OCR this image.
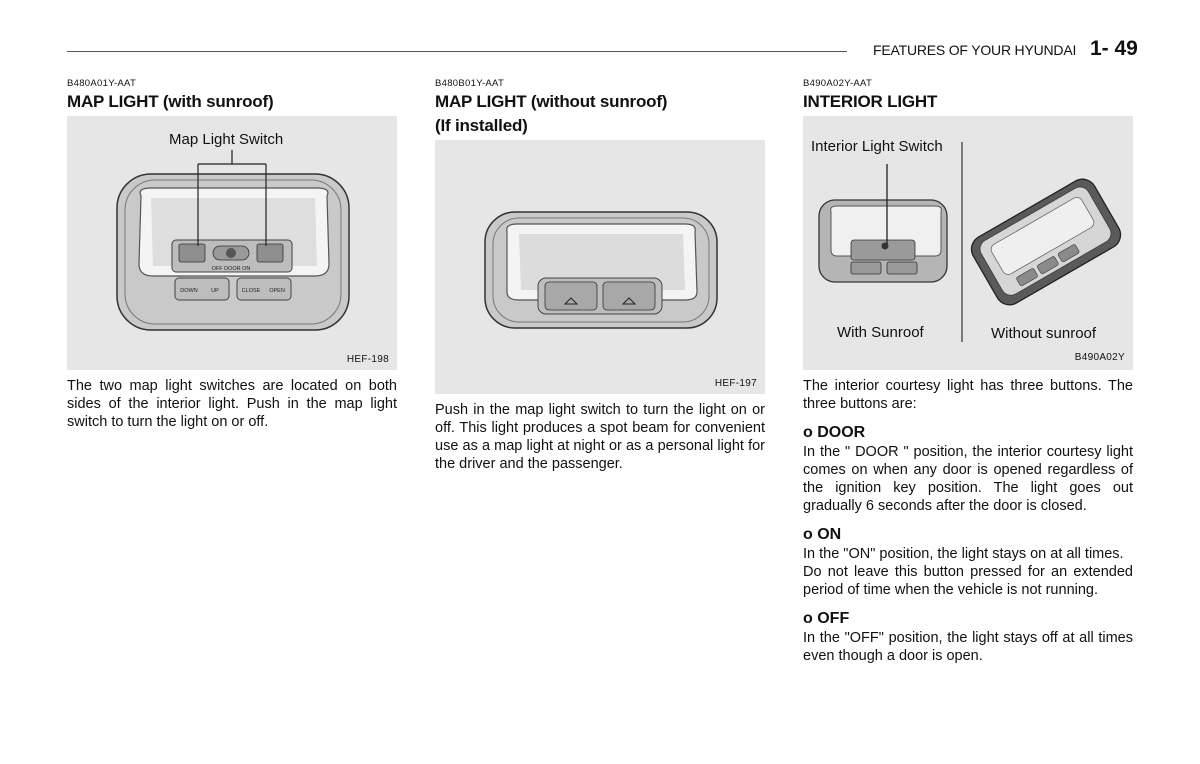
FEATURES OF YOUR HYUNDAI 1- 49
B480A01Y-AAT
MAP LIGHT (with sunroof)
OFF DOOR ON
DOWN UP	CLOSE OPEN
Map Light Switch
HEF-198
The two map light switches are located on both sides of the interior light. Push in the map light switch to turn the light on or off.
B480B01Y-AAT
MAP LIGHT (without sunroof)
(If installed)
HEF-197
Push in the map light switch to turn the light on or off. This light produces a spot beam for convenient use as a map light at night or as a personal light for the driver and the passenger.
B490A02Y-AAT
INTERIOR LIGHT
Interior Light Switch
With Sunroof	Without sunroof
B490A02Y
The interior courtesy light has three buttons. The three buttons are:
o DOOR
In the " DOOR " position, the interior courtesy light comes on when any door is opened regardless of the ignition key position. The light goes out gradually 6 seconds after the door is closed.
o ON
In the "ON" position, the light stays on at all times.
Do not leave this button pressed for an extended period of time when the vehicle is not running.
o OFF
In the "OFF" position, the light stays off at all times even though a door is open.
